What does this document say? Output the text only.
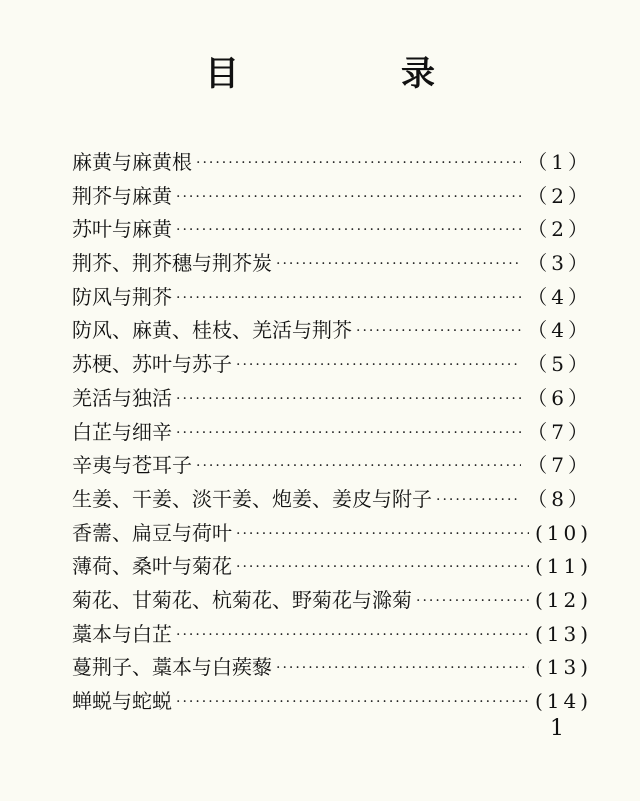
目　录
麻黄与麻黄根 ·····	（1）
荆芥与麻黄 ·····	（2）
苏叶与麻黄 ·····	（2）
荆芥、荆芥穗与荆芥炭 ·····	（3）
防风与荆芥 ·····	（4）
防风、麻黄、桂枝、羌活与荆芥 ·····	（4）
苏梗、苏叶与苏子 ·····	（5）
羌活与独活 ·····	（6）
白芷与细辛 ·····	（7）
辛夷与苍耳子 ·····	（7）
生姜、干姜、淡干姜、炮姜、姜皮与附子 ·····	（8）
香薷、扁豆与荷叶 ·····	(10)
薄荷、桑叶与菊花 ·····	(11)
菊花、甘菊花、杭菊花、野菊花与滁菊 ·····	(12)
藁本与白芷 ·····	(13)
蔓荆子、藁本与白蒺藜 ·····	(13)
蝉蜕与蛇蜕 ·····	(14)
1
